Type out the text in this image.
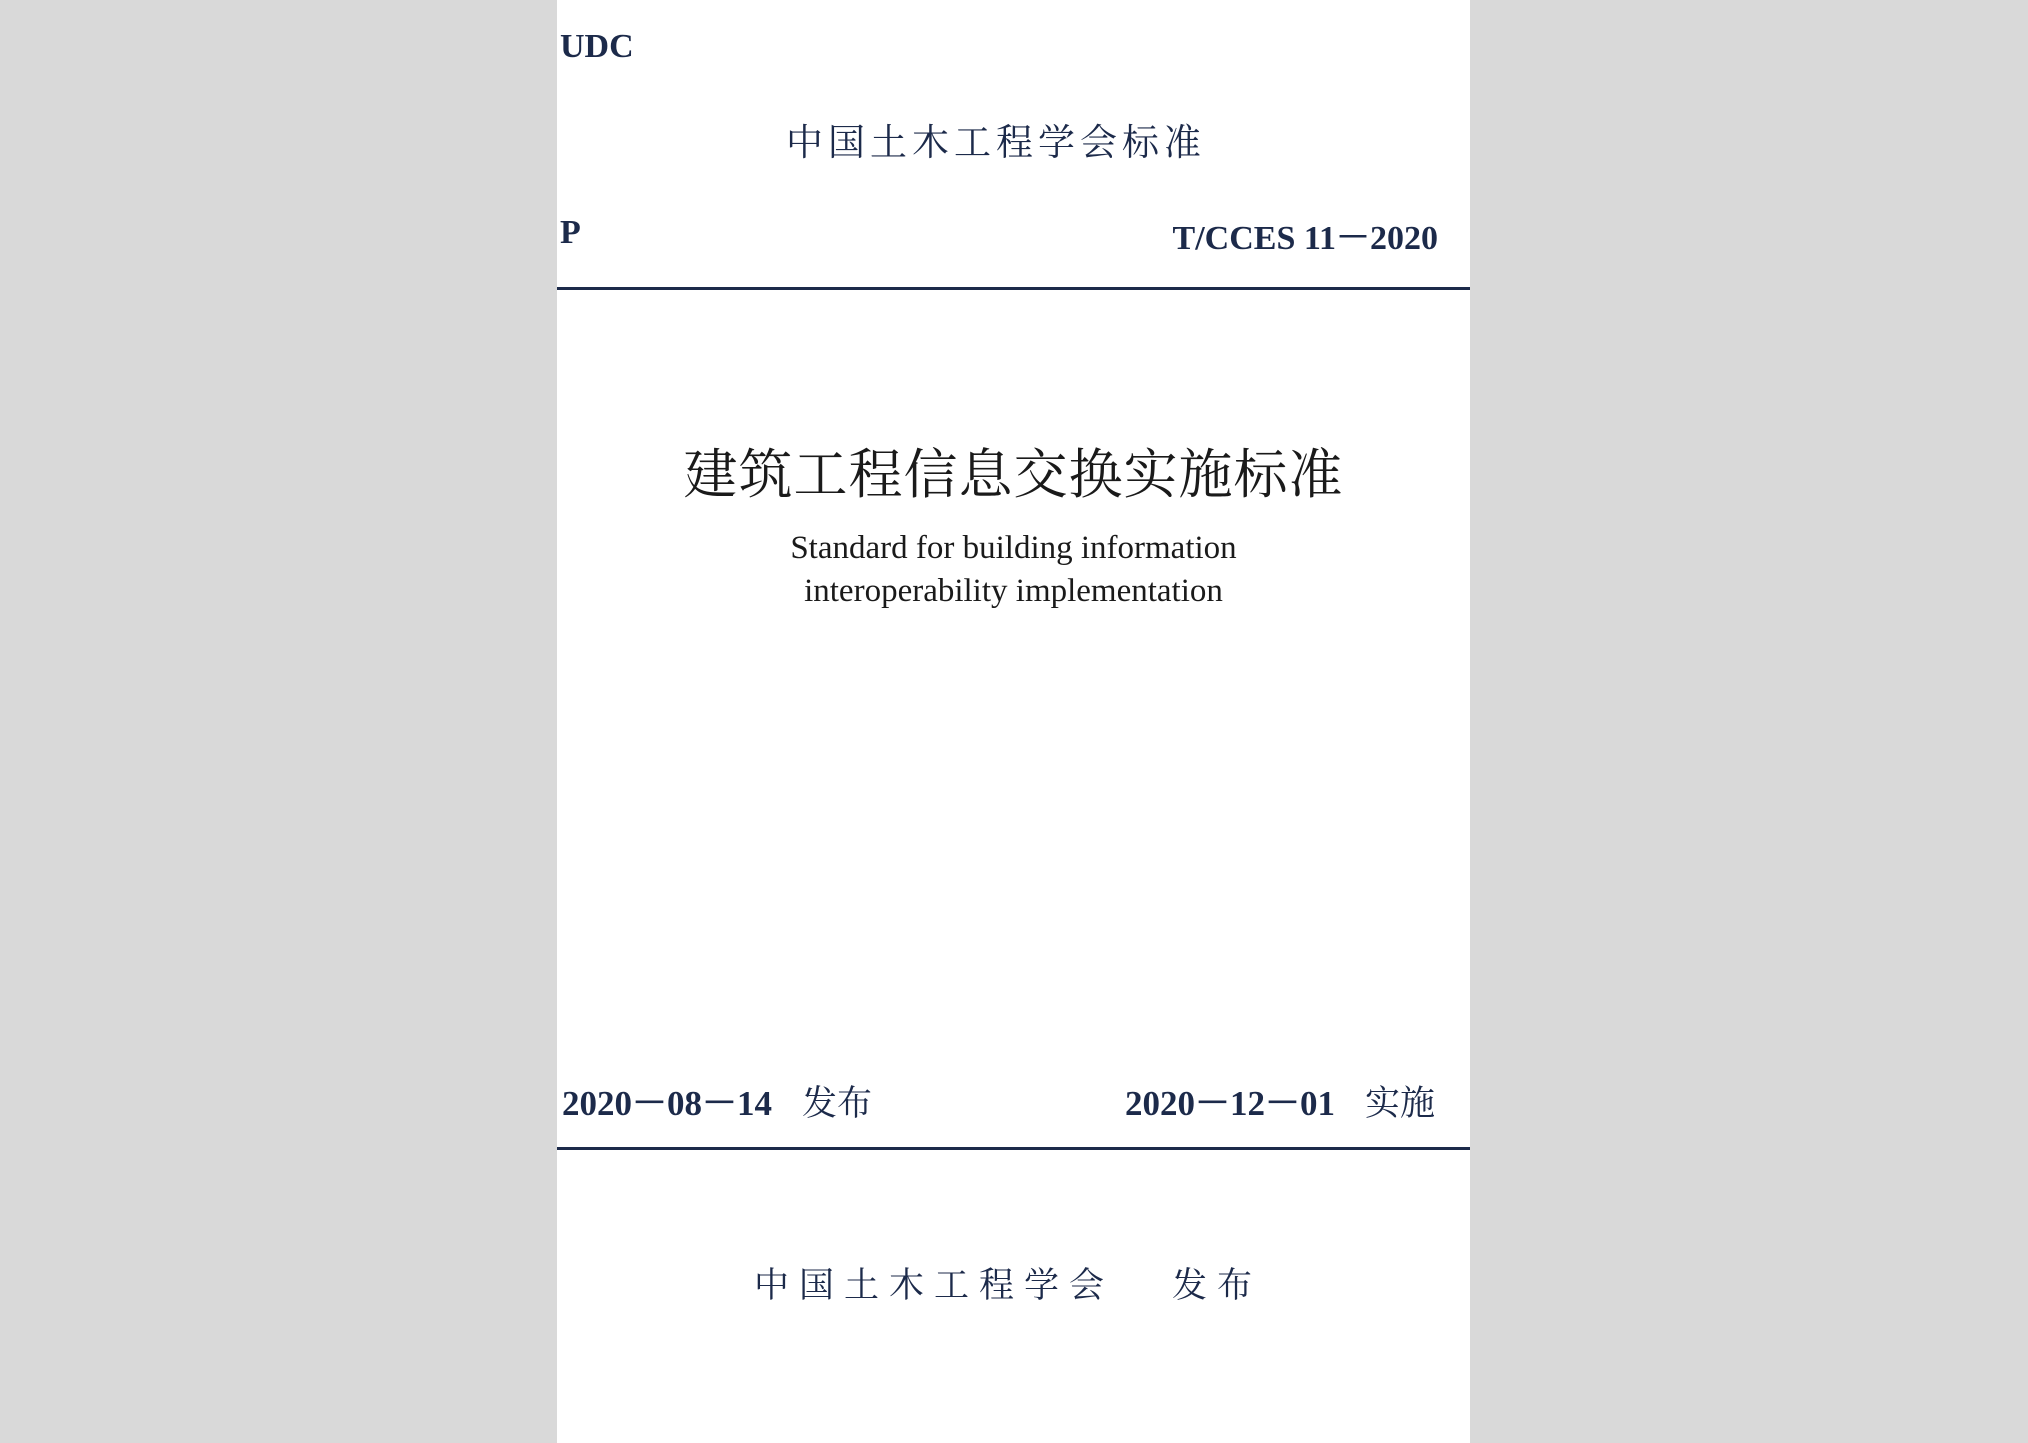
UDC
中国土木工程学会标准
P	T/CCES 11－2020
建筑工程信息交换实施标准
Standard for building information
interoperability implementation
2020－08－14 发布	2020－12－01 实施
中国土木工程学会 发布
